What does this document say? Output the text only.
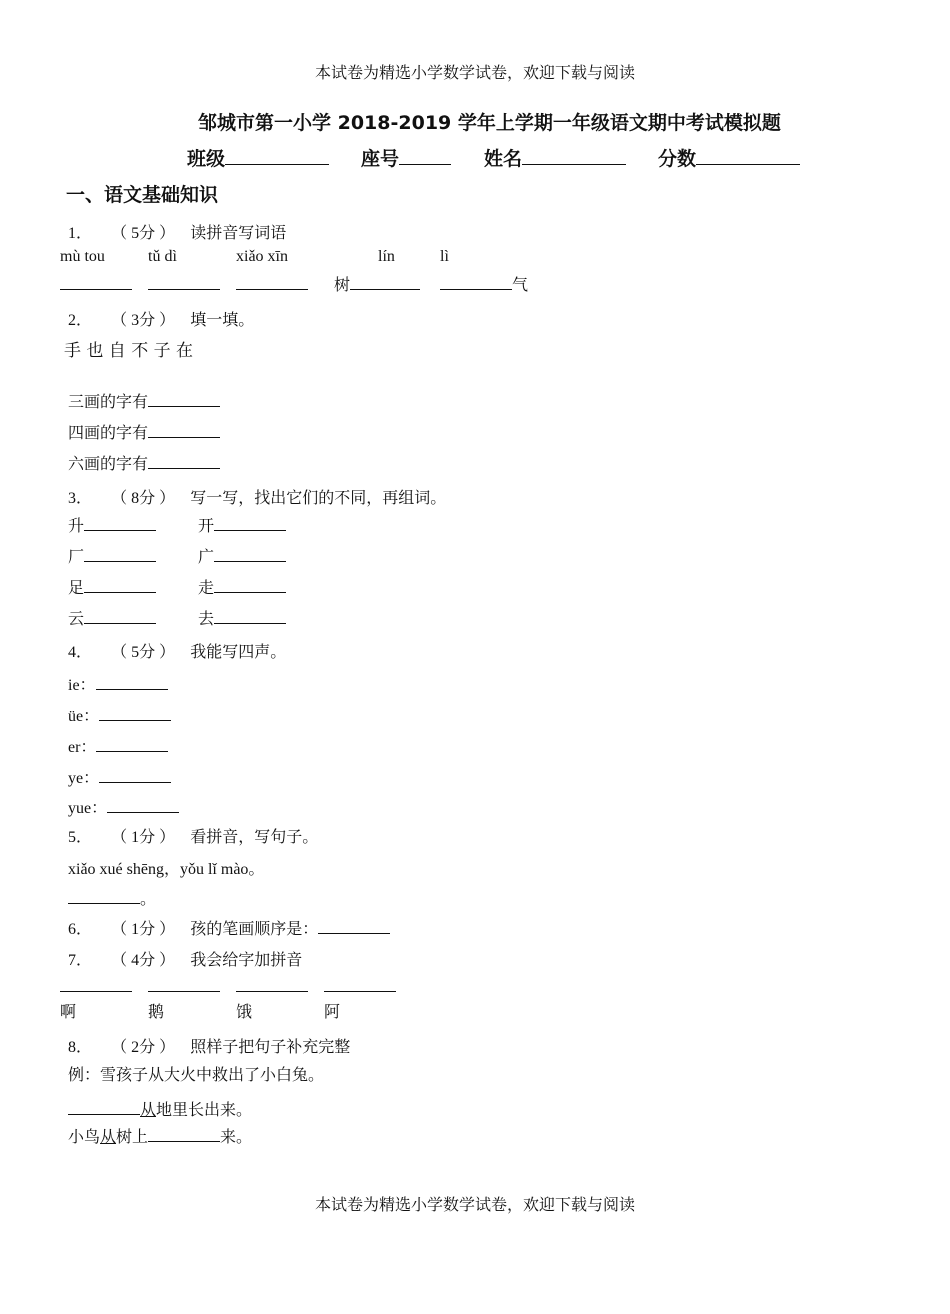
本试卷为精选小学数学试卷，欢迎下载与阅读
邹城市第一小学 2018-2019 学年上学期一年级语文期中考试模拟题
班级	座号	姓名	分数
一、语文基础知识
1． （ 5分 ） 读拼音写词语
mù tou	tǔ dì	xiǎo xīn	lín	lì
树	气
2． （ 3分 ） 填一填。
手 也 自 不 子 在
三画的字有
四画的字有
六画的字有
3． （ 8分 ） 写一写，找出它们的不同，再组词。
升	开
厂	广
足	走
云	去
4． （ 5分 ） 我能写四声。
ie：
üe：
er：
ye：
yue：
5． （ 1分 ） 看拼音，写句子。
xiǎo xué shēng，yǒu lǐ mào。
。
6． （ 1分 ） 孩的笔画顺序是：
7． （ 4分 ） 我会给字加拼音
啊	鹅	饿	阿
8． （ 2分 ） 照样子把句子补充完整
例：雪孩子从大火中救出了小白兔。
从地里长出来。
小鸟从树上	来。
本试卷为精选小学数学试卷，欢迎下载与阅读
